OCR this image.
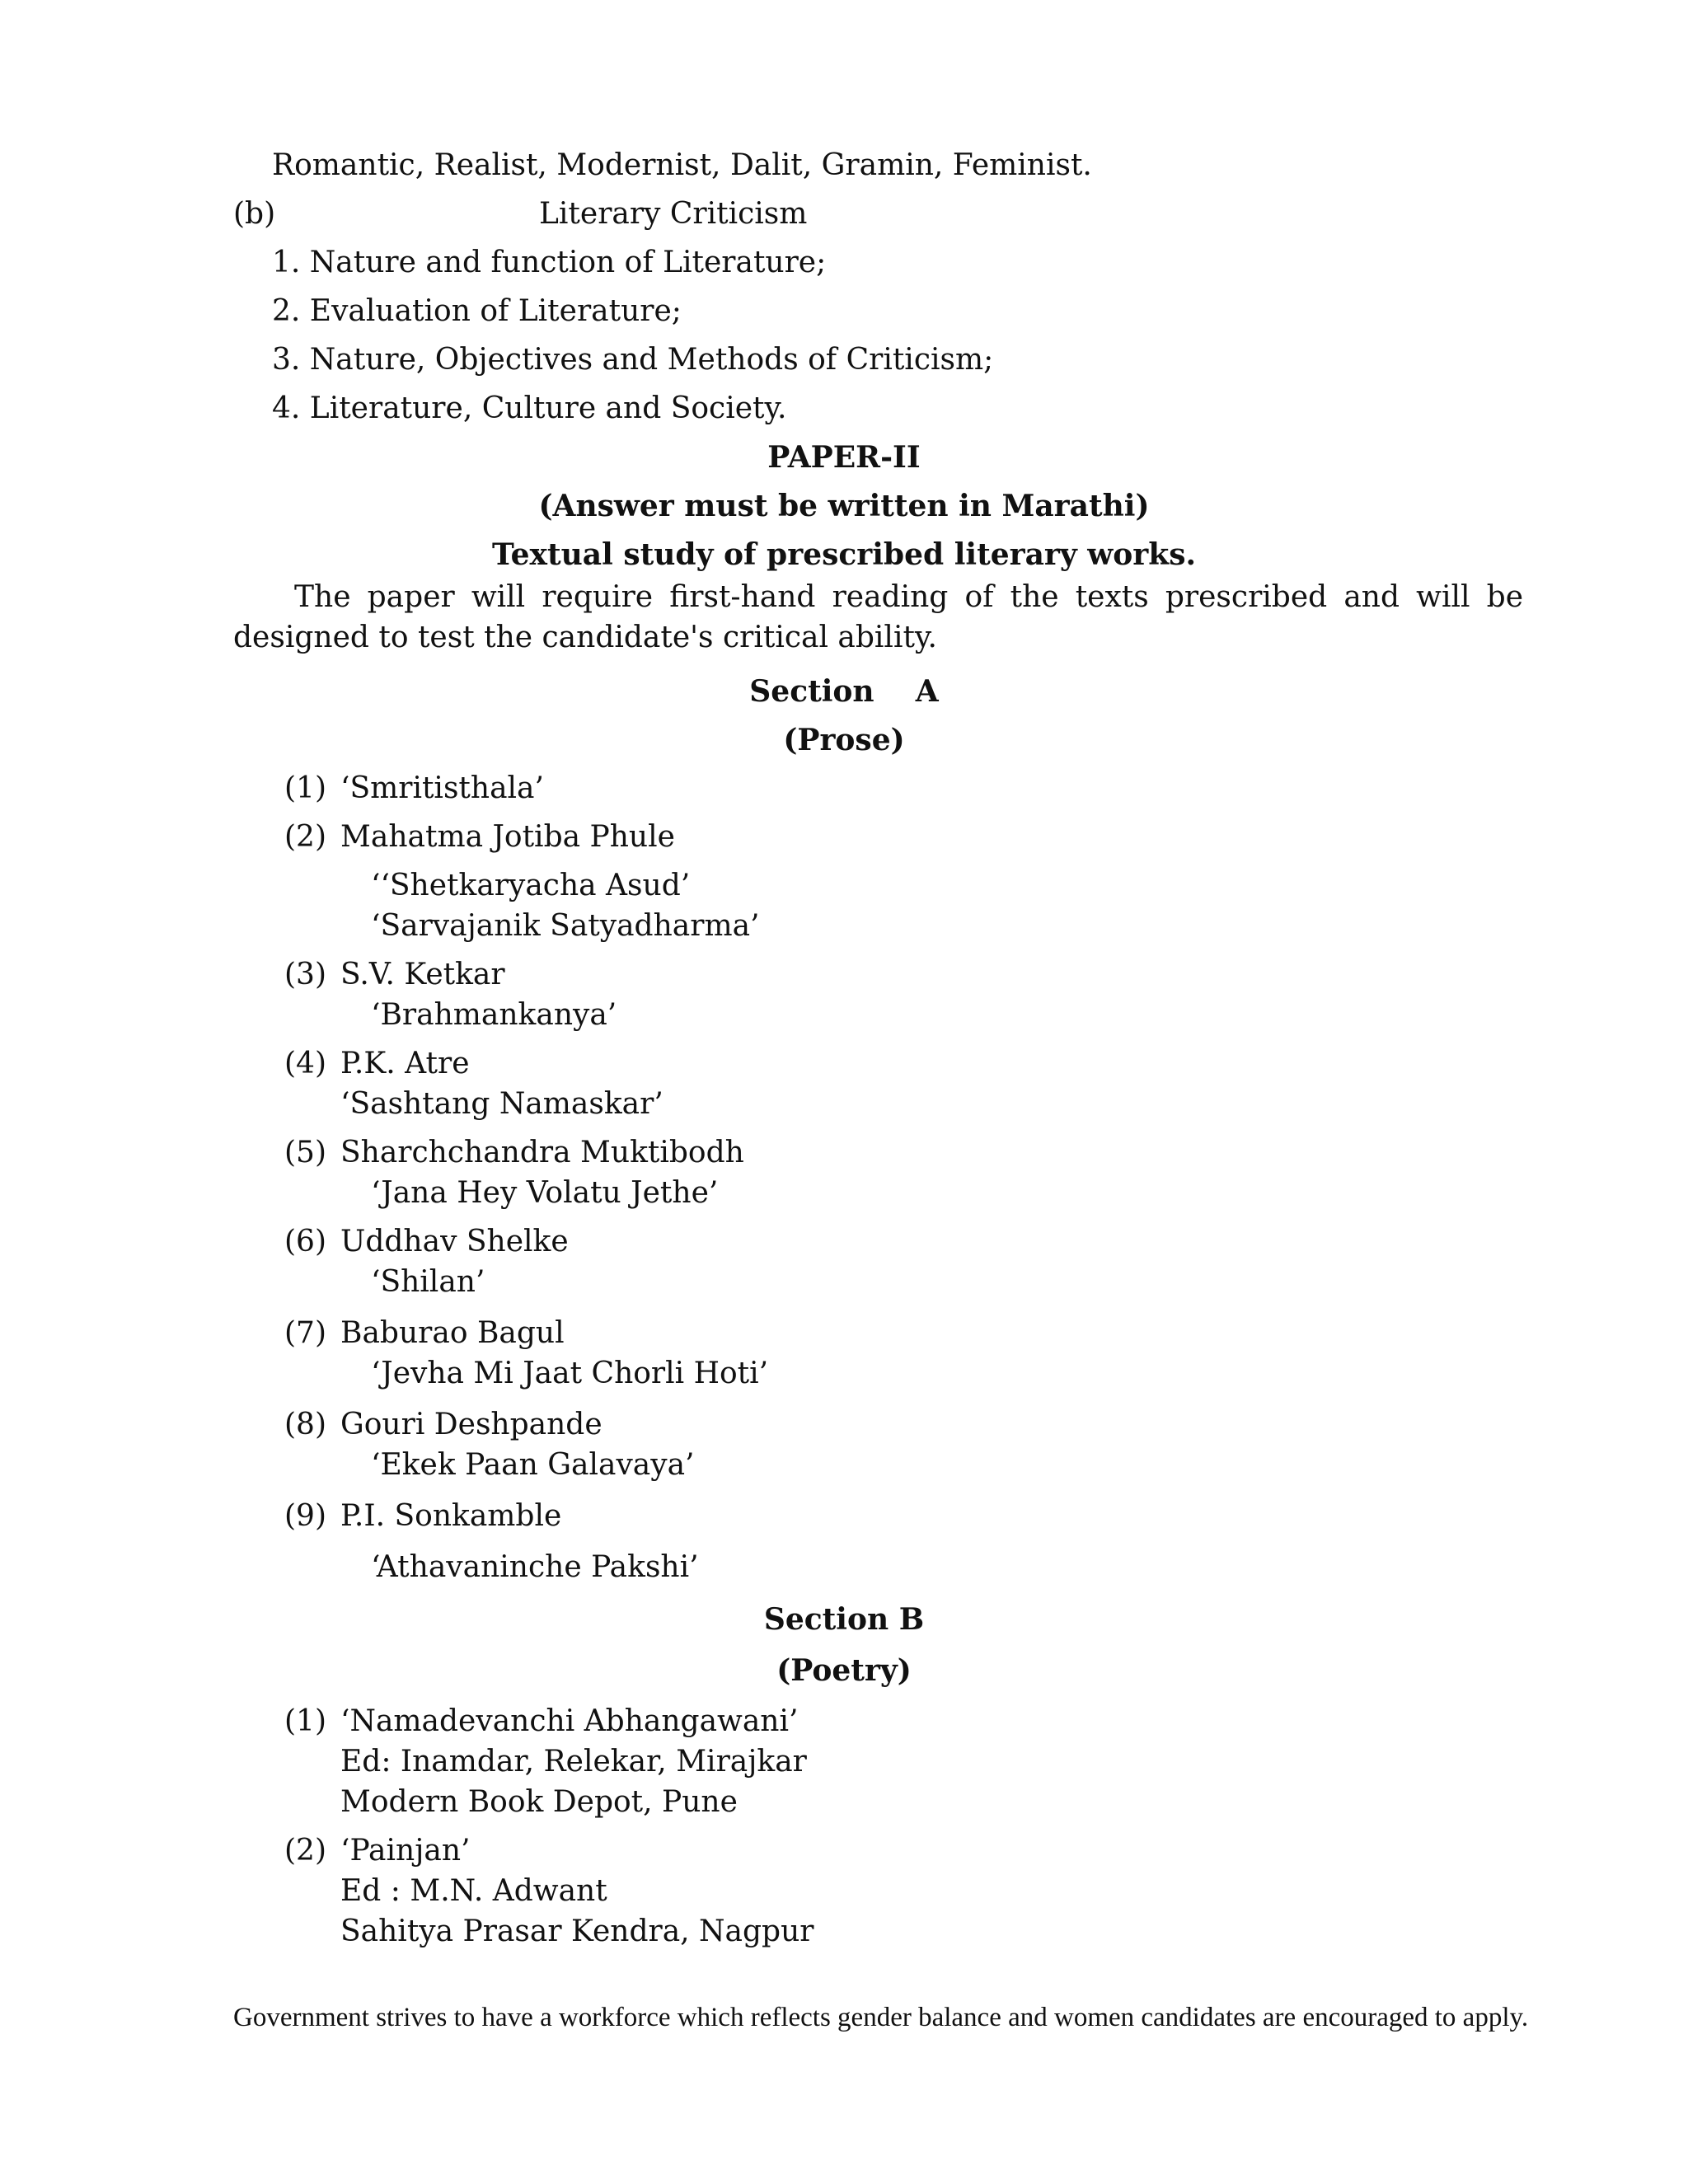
Romantic, Realist, Modernist, Dalit, Gramin, Feminist.
(b)	Literary Criticism
1. Nature and function of Literature;
2. Evaluation of Literature;
3. Nature, Objectives and Methods of Criticism;
4. Literature, Culture and Society.
PAPER-II
(Answer must be written in Marathi)
Textual study of prescribed literary works.
The paper will require first-hand reading of the texts prescribed and will be designed to test the candidate's critical ability.
Section    A
(Prose)
(1) ‘Smritisthala’
(2) Mahatma Jotiba Phule
‘‘Shetkaryacha Asud’
‘Sarvajanik Satyadharma’
(3) S.V. Ketkar
‘Brahmankanya’
(4) P.K. Atre
‘Sashtang Namaskar’
(5) Sharchchandra Muktibodh
‘Jana Hey Volatu Jethe’
(6) Uddhav Shelke
‘Shilan’
(7) Baburao Bagul
‘Jevha Mi Jaat Chorli Hoti’
(8) Gouri Deshpande
‘Ekek Paan Galavaya’
(9) P.I. Sonkamble
‘Athavaninche Pakshi’
Section B
(Poetry)
(1) ‘Namadevanchi Abhangawani’
Ed: Inamdar, Relekar, Mirajkar
Modern Book Depot, Pune
(2) ‘Painjan’
Ed : M.N. Adwant
Sahitya Prasar Kendra, Nagpur
Government strives to have a workforce which reflects gender balance and women candidates are encouraged to apply.
